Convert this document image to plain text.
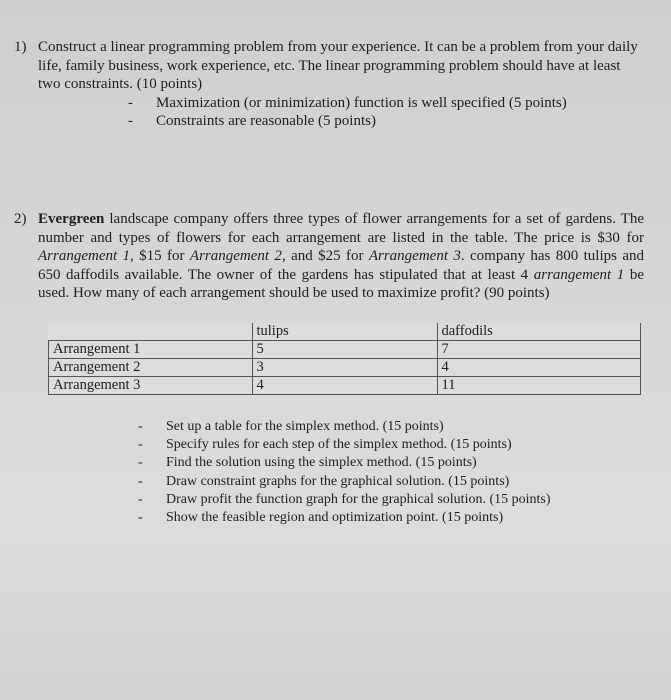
1) Construct a linear programming problem from your experience. It can be a problem from your daily life, family business, work experience, etc. The linear programming problem should have at least two constraints. (10 points)
- Maximization (or minimization) function is well specified (5 points)
- Constraints are reasonable (5 points)
2) Evergreen landscape company offers three types of flower arrangements for a set of gardens. The number and types of flowers for each arrangement are listed in the table. The price is $30 for Arrangement 1, $15 for Arrangement 2, and $25 for Arrangement 3. company has 800 tulips and 650 daffodils available. The owner of the gardens has stipulated that at least 4 arrangement 1 be used. How many of each arrangement should be used to maximize profit? (90 points)
	tulips	daffodils
Arrangement 1	5	7
Arrangement 2	3	4
Arrangement 3	4	11
- Set up a table for the simplex method. (15 points)
- Specify rules for each step of the simplex method. (15 points)
- Find the solution using the simplex method. (15 points)
- Draw constraint graphs for the graphical solution. (15 points)
- Draw profit the function graph for the graphical solution. (15 points)
- Show the feasible region and optimization point. (15 points)
